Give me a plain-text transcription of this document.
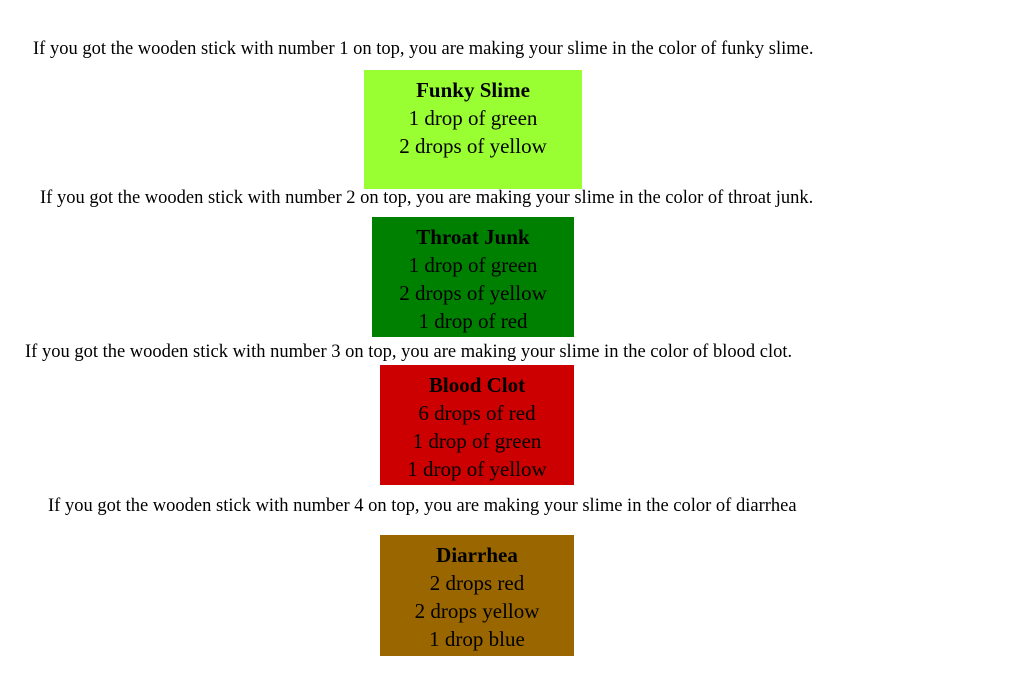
If you got the wooden stick with number 1 on top, you are making your slime in the color of funky slime.
Funky Slime
1 drop of green
2 drops of yellow
If you got the wooden stick with number 2 on top, you are making your slime in the color of throat junk.
Throat Junk
1 drop of green
2 drops of yellow
1 drop of red
If you got the wooden stick with number 3 on top, you are making your slime in the color of blood clot.
Blood Clot
6 drops of red
1 drop of green
1 drop of yellow
If you got the wooden stick with number 4 on top, you are making your slime in the color of diarrhea
Diarrhea
2 drops red
2 drops yellow
1 drop blue
